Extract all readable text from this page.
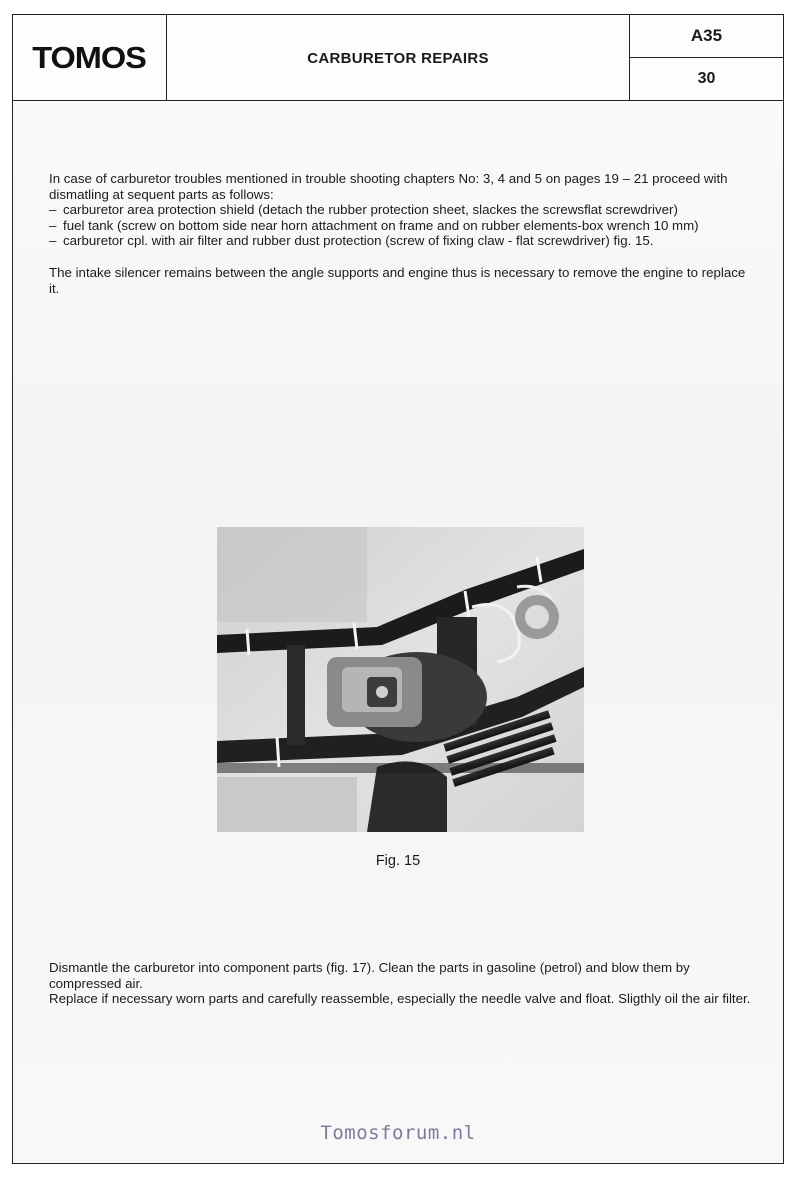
TOMOS	CARBURETOR REPAIRS
A35
30

In case of carburetor troubles mentioned in trouble shooting chapters No: 3, 4 and 5 on pages 19 – 21 proceed with dismatling at sequent parts as follows:

– carburetor area protection shield (detach the rubber protection sheet, slackes the screwsflat screwdriver)

– fuel tank (screw on bottom side near horn attachment on frame and on rubber elements-box wrench 10 mm)

– carburetor cpl. with air filter and rubber dust protection (screw of fixing claw - flat screwdriver) fig. 15.

The intake silencer remains between the angle supports and engine thus is necessary to remove the engine to replace it.

Fig. 15

Dismantle the carburetor into component parts (fig. 17). Clean the parts in gasoline (petrol) and blow them by compressed air.

Replace if necessary worn parts and carefully reassemble, especially the needle valve and float. Sligthly oil the air filter.

Tomosforum.nl
